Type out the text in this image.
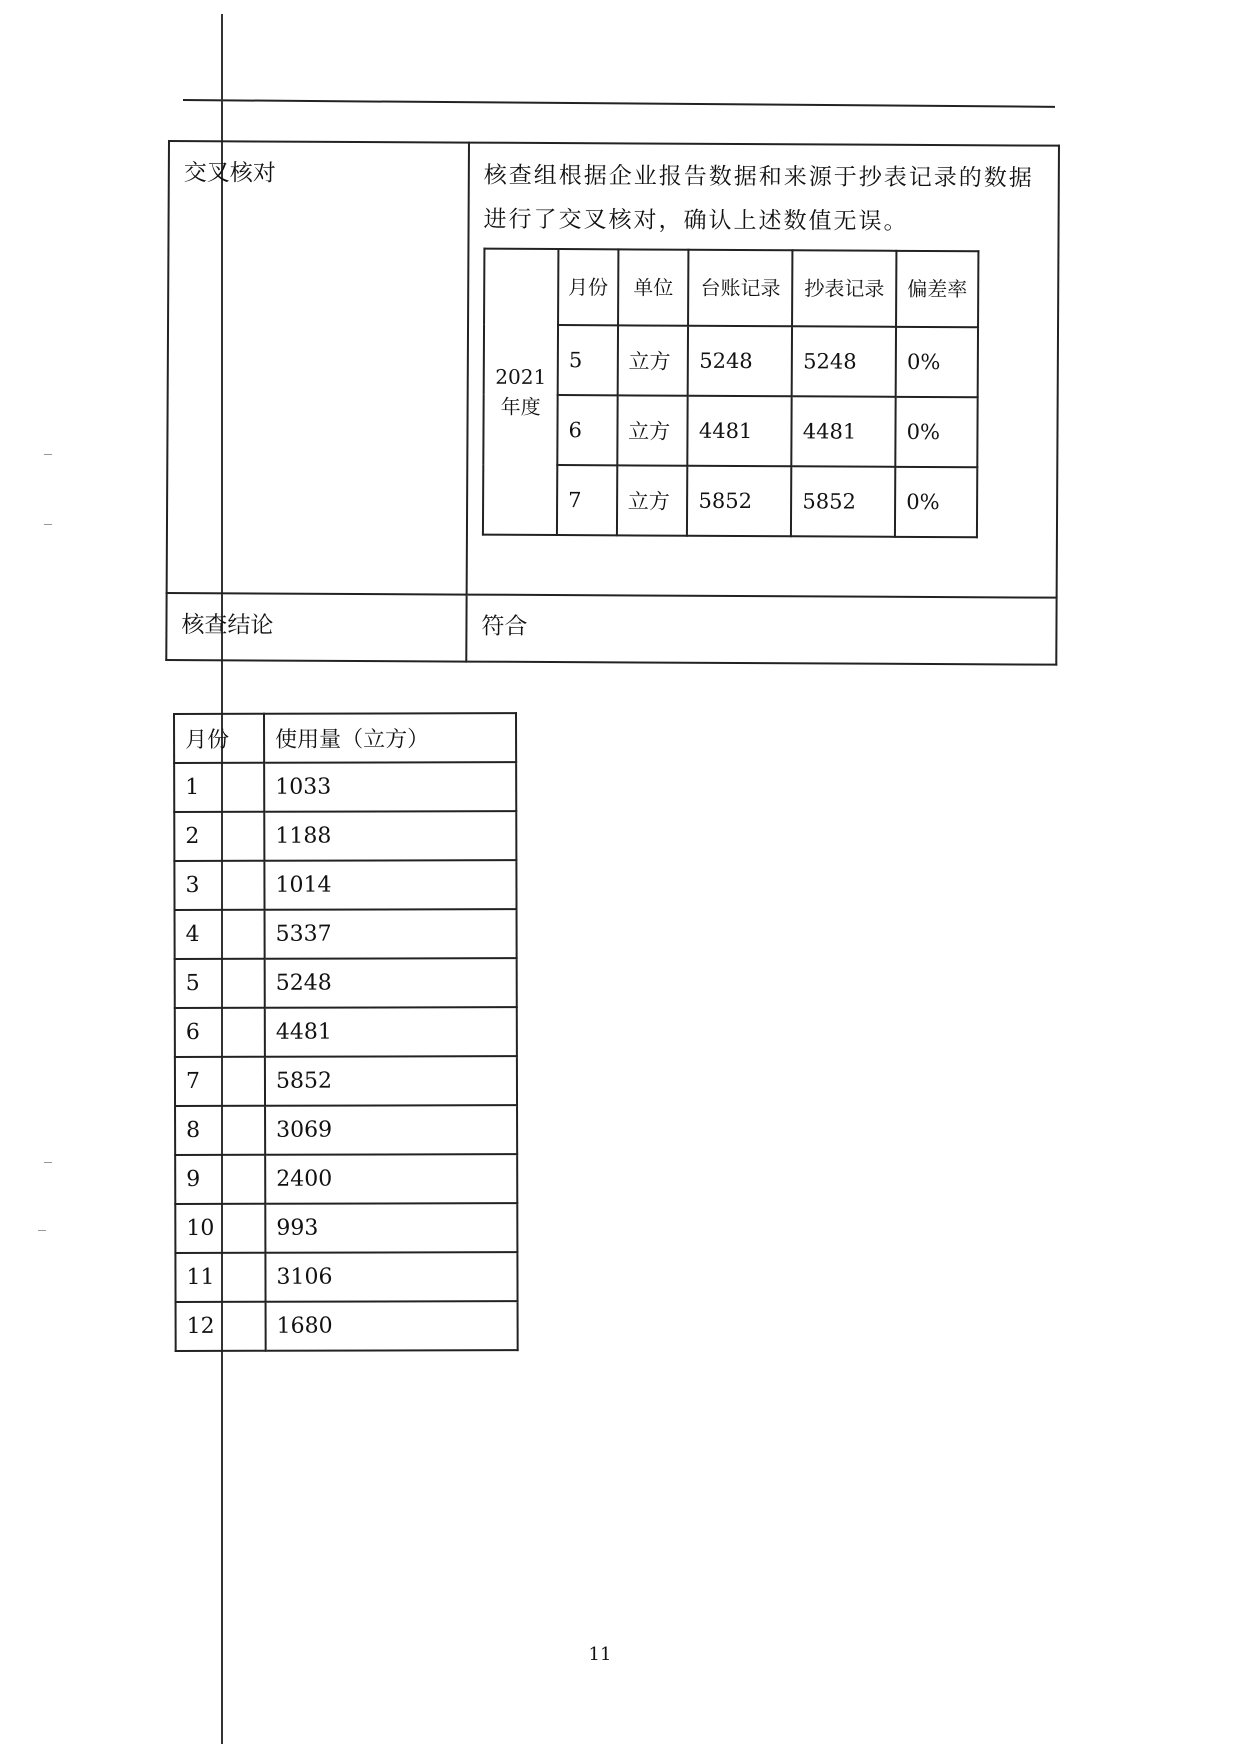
交叉核对	核查组根据企业报告数据和来源于抄表记录的数据进行了交叉核对，确认上述数值无误。
2021年度	月份	单位	台账记录	抄表记录	偏差率
5	立方	5248	5248	0%
6	立方	4481	4481	0%
7	立方	5852	5852	0%

核查结论	符合
月份	使用量（立方）
1	1033
2	1188
3	1014
4	5337
5	5248
6	4481
7	5852
8	3069
9	2400
10	993
11	3106
12	1680
11
